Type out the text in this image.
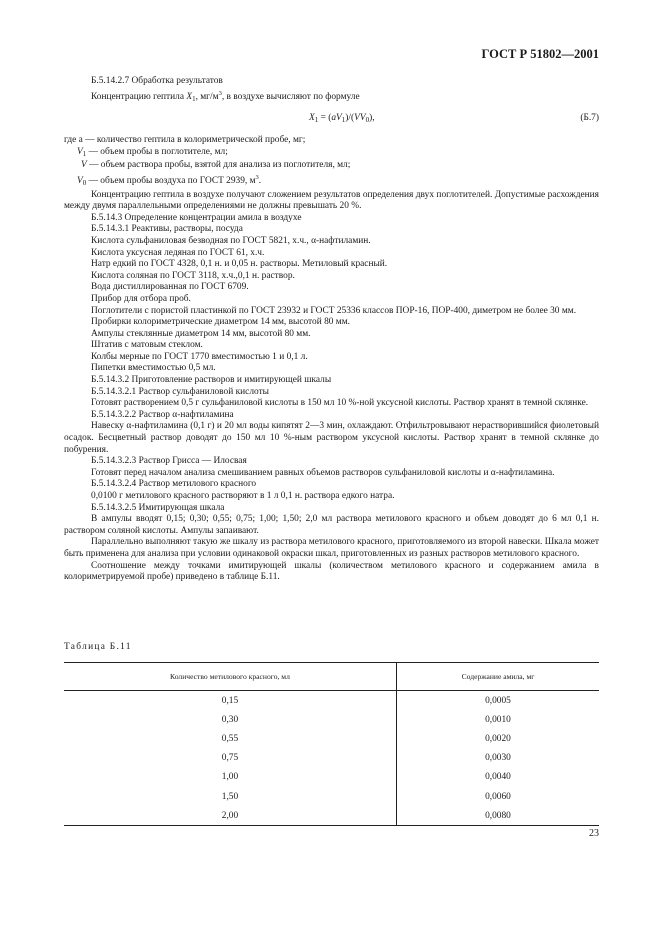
ГОСТ Р 51802—2001

Б.5.14.2.7 Обработка результатов

Концентрацию гептила $X_1$, $мг/м^3$, в воздухе вычисляют по формуле

$X_1 = (aV_1)/(VV_0)$,	(Б.7)

где а — количество гептила в колориметрической пробе, мг;

$V_1$ — объем пробы в поглотителе, мл;

V — объем раствора пробы, взятой для анализа из поглотителя, мл;

$V_0$ — объем пробы воздуха по ГОСТ 2939, $м^3$.

Концентрацию гептила в воздухе получают сложением результатов определения двух поглотителей. Допустимые расхождения между двумя параллельными определениями не должны превышать 20 %.

Б.5.14.3 Определение концентрации амила в воздухе

Б.5.14.3.1 Реактивы, растворы, посуда

Кислота сульфаниловая безводная по ГОСТ 5821, х.ч., α-нафтиламин.

Кислота уксусная ледяная по ГОСТ 61, х.ч.

Натр едкий по ГОСТ 4328, 0,1 н. и 0,05 н. растворы. Метиловый красный.

Кислота соляная по ГОСТ 3118, х.ч.,0,1 н. раствор.

Вода дистиллированная по ГОСТ 6709.

Прибор для отбора проб.

Поглотители с пористой пластинкой по ГОСТ 23932 и ГОСТ 25336 классов ПОР-16, ПОР-400, диметром не более 30 мм.

Пробирки колориметрические диаметром 14 мм, высотой 80 мм.

Ампулы стеклянные диаметром 14 мм, высотой 80 мм.

Штатив с матовым стеклом.

Колбы мерные по ГОСТ 1770 вместимостью 1 и 0,1 л.

Пипетки вместимостью 0,5 мл.

Б.5.14.3.2 Приготовление растворов и имитирующей шкалы

Б.5.14.3.2.1 Раствор сульфаниловой кислоты

Готовят растворением 0,5 г сульфаниловой кислоты в 150 мл 10 %-ной уксусной кислоты. Раствор хранят в темной склянке.

Б.5.14.3.2.2 Раствор α-нафтиламина

Навеску α-нафтиламина (0,1 г) и 20 мл воды кипятят 2—3 мин, охлаждают. Отфильтровывают нерастворившийся фиолетовый осадок. Бесцветный раствор доводят до 150 мл 10 %-ным раствором уксусной кислоты. Раствор хранят в темной склянке до побурения.

Б.5.14.3.2.3 Раствор Грисса — Илосвая

Готовят перед началом анализа смешиванием равных объемов растворов сульфаниловой кислоты и α-нафтиламина.

Б.5.14.3.2.4 Раствор метилового красного

0,0100 г метилового красного растворяют в 1 л 0,1 н. раствора едкого натра.

Б.5.14.3.2.5 Имитирующая шкала

В ампулы вводят 0,15; 0,30; 0,55; 0,75; 1,00; 1,50; 2,0 мл раствора метилового красного и объем доводят до 6 мл 0,1 н. раствором соляной кислоты. Ампулы запаивают.

Параллельно выполняют такую же шкалу из раствора метилового красного, приготовляемого из второй навески. Шкала может быть применена для анализа при условии одинаковой окраски шкал, приготовленных из разных растворов метилового красного.

Соотношение между точками имитирующей шкалы (количеством метилового красного и содержанием амила в колориметрируемой пробе) приведено в таблице Б.11.

Таблица Б.11
Количество метилового красного, мл	Содержание амила, мг
0,15	0,0005
0,30	0,0010
0,55	0,0020
0,75	0,0030
1,00	0,0040
1,50	0,0060
2,00	0,0080
23
